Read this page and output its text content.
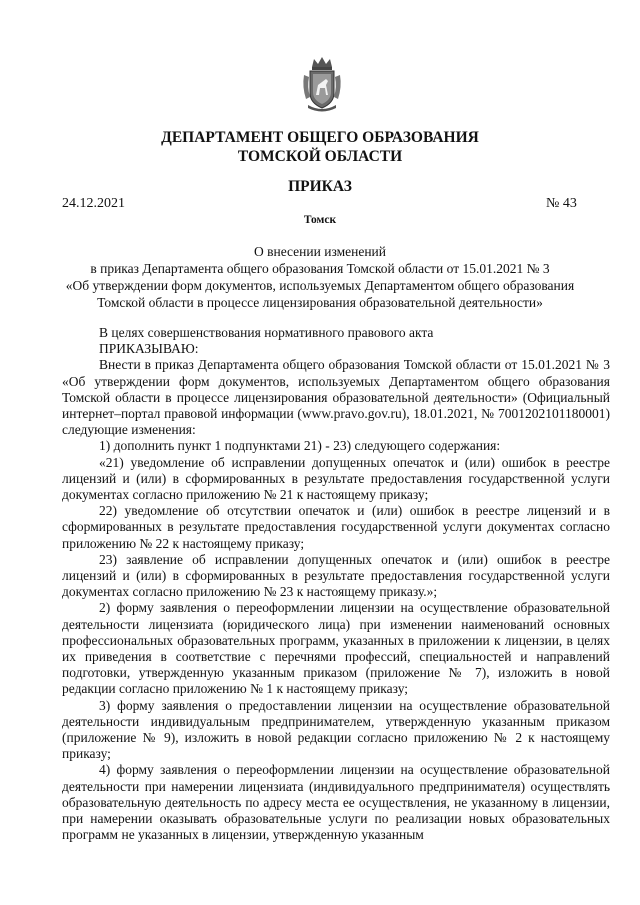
ДЕПАРТАМЕНТ ОБЩЕГО ОБРАЗОВАНИЯ
ТОМСКОЙ ОБЛАСТИ
ПРИКАЗ
24.12.2021	№ 43
Томск
О внесении изменений
в приказ Департамента общего образования Томской области от 15.01.2021 № 3
«Об утверждении форм документов, используемых Департаментом общего образования
Томской области в процессе лицензирования образовательной деятельности»

В целях совершенствования нормативного правового акта

ПРИКАЗЫВАЮ:

Внести в приказ Департамента общего образования Томской области от 15.01.2021 № 3 «Об утверждении форм документов, используемых Департаментом общего образования Томской области в процессе лицензирования образовательной деятельности» (Официальный интернет–портал правовой информации (www.pravo.gov.ru), 18.01.2021, № 7001202101180001) следующие изменения:

1) дополнить пункт 1 подпунктами 21) - 23) следующего содержания:

«21) уведомление об исправлении допущенных опечаток и (или) ошибок в реестре лицензий и (или) в сформированных в результате предоставления государственной услуги документах согласно приложению № 21 к настоящему приказу;

22) уведомление об отсутствии опечаток и (или) ошибок в реестре лицензий и в сформированных в результате предоставления государственной услуги документах согласно приложению № 22 к настоящему приказу;

23) заявление об исправлении допущенных опечаток и (или) ошибок в реестре лицензий и (или) в сформированных в результате предоставления государственной услуги документах согласно приложению № 23 к настоящему приказу.»;

2) форму заявления о переоформлении лицензии на осуществление образовательной деятельности лицензиата (юридического лица) при изменении наименований основных профессиональных образовательных программ, указанных в приложении к лицензии, в целях их приведения в соответствие с перечнями профессий, специальностей и направлений подготовки, утвержденную указанным приказом (приложение № 7), изложить в новой редакции согласно приложению № 1 к настоящему приказу;

3) форму заявления о предоставлении лицензии на осуществление образовательной деятельности индивидуальным предпринимателем, утвержденную указанным приказом (приложение № 9), изложить в новой редакции согласно приложению № 2 к настоящему приказу;

4) форму заявления о переоформлении лицензии на осуществление образовательной деятельности при намерении лицензиата (индивидуального предпринимателя) осуществлять образовательную деятельность по адресу места ее осуществления, не указанному в лицензии, при намерении оказывать образовательные услуги по реализации новых образовательных программ не указанных в лицензии, утвержденную указанным
